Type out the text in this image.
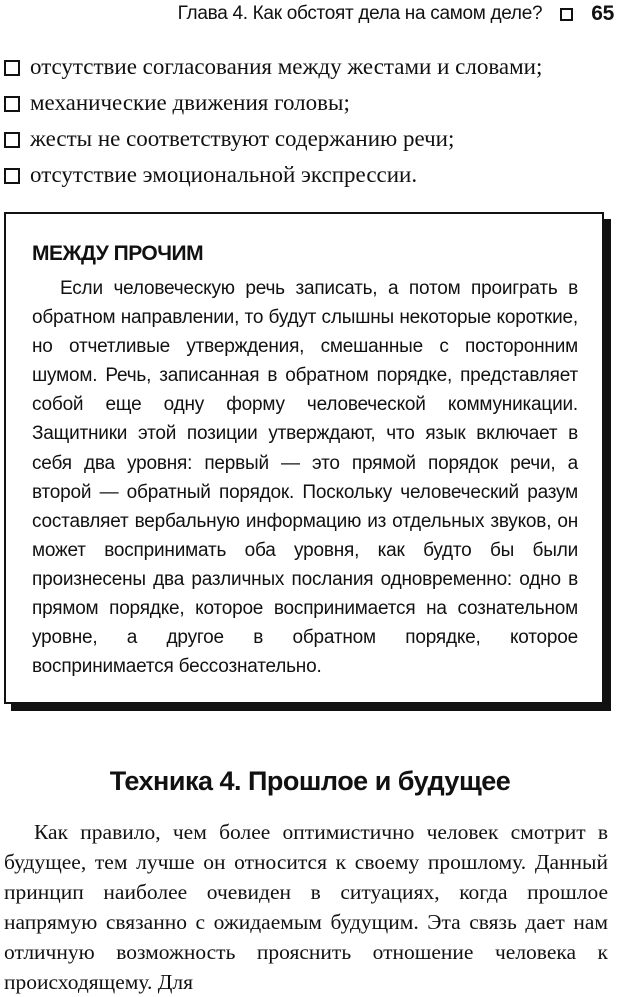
Глава 4. Как обстоят дела на самом деле? 65
отсутствие согласования между жестами и словами;
механические движения головы;
жесты не соответствуют содержанию речи;
отсутствие эмоциональной экспрессии.
МЕЖДУ ПРОЧИМ

Если человеческую речь записать, а потом проиграть в обратном направлении, то будут слышны некоторые короткие, но отчетливые утверждения, смешанные с посторонним шумом. Речь, записанная в обратном порядке, представляет собой еще одну форму человеческой коммуникации. Защитники этой позиции утверждают, что язык включает в себя два уровня: первый — это прямой порядок речи, а второй — обратный порядок. Поскольку человеческий разум составляет вербальную информацию из отдельных звуков, он может воспринимать оба уровня, как будто бы были произнесены два различных послания одновременно: одно в прямом порядке, которое воспринимается на сознательном уровне, а другое в обратном порядке, которое воспринимается бессознательно.

Техника 4. Прошлое и будущее

Как правило, чем более оптимистично человек смотрит в будущее, тем лучше он относится к своему прошлому. Данный принцип наиболее очевиден в ситуациях, когда прошлое напрямую связанно с ожидаемым будущим. Эта связь дает нам отличную возможность прояснить отношение человека к происходящему. Для
